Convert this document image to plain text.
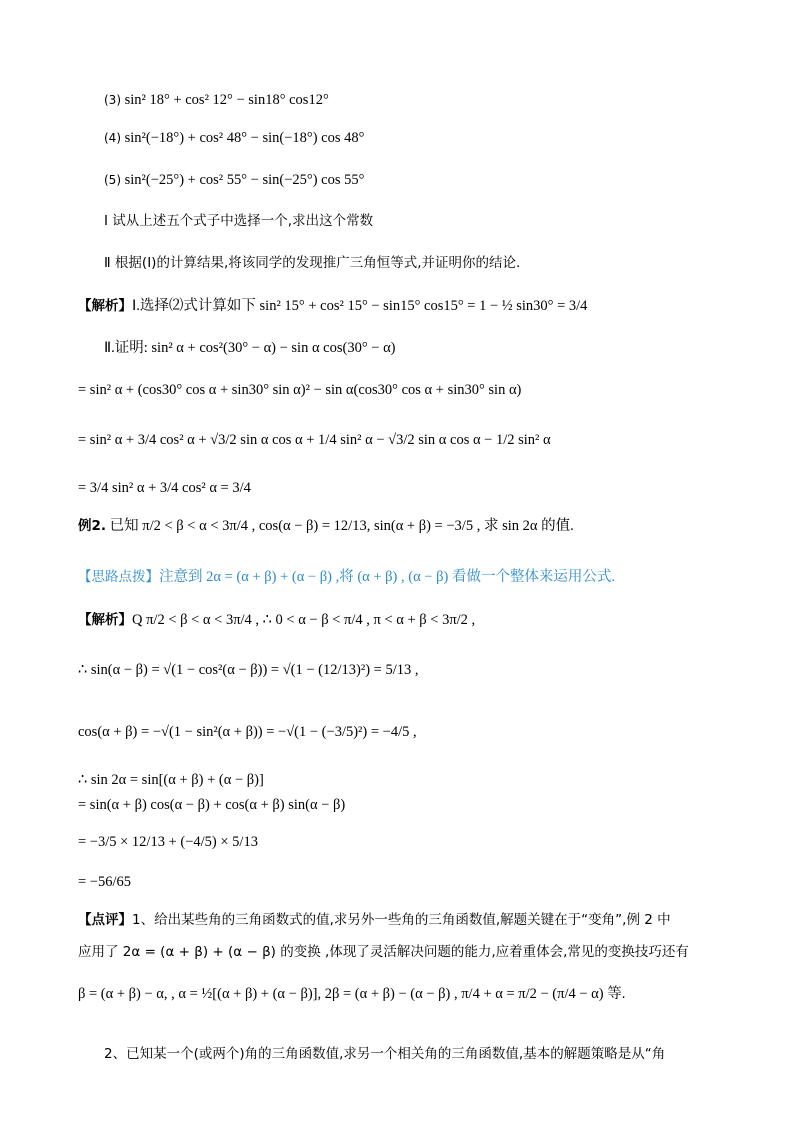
(3) sin² 18° + cos² 12° − sin18° cos12°
(4) sin²(−18°) + cos² 48° − sin(−18°) cos 48°
(5) sin²(−25°) + cos² 55° − sin(−25°) cos 55°
Ⅰ 试从上述五个式子中选择一个,求出这个常数
Ⅱ 根据(Ⅰ)的计算结果,将该同学的发现推广三角恒等式,并证明你的结论.
【解析】Ⅰ.选择⑵式计算如下 sin² 15° + cos² 15° − sin15° cos15° = 1 − ½ sin30° = 3/4
Ⅱ.证明: sin² α + cos²(30° − α) − sin α cos(30° − α)
= sin² α + (cos30° cos α + sin30° sin α)² − sin α(cos30° cos α + sin30° sin α)
= sin² α + 3/4 cos² α + √3/2 sin α cos α + 1/4 sin² α − √3/2 sin α cos α − 1/2 sin² α
= 3/4 sin² α + 3/4 cos² α = 3/4
例2. 已知 π/2 < β < α < 3π/4 , cos(α − β) = 12/13, sin(α + β) = −3/5 , 求 sin 2α 的值.
【思路点拨】注意到 2α = (α + β) + (α − β) ,将 (α + β) , (α − β) 看做一个整体来运用公式.
【解析】Q π/2 < β < α < 3π/4 , ∴ 0 < α − β < π/4 , π < α + β < 3π/2 ,
∴ sin(α − β) = √(1 − cos²(α − β)) = √(1 − (12/13)²) = 5/13 ,
cos(α + β) = −√(1 − sin²(α + β)) = −√(1 − (−3/5)²) = −4/5 ,
∴ sin 2α = sin[(α + β) + (α − β)]
= sin(α + β) cos(α − β) + cos(α + β) sin(α − β)
= −3/5 × 12/13 + (−4/5) × 5/13
= −56/65
【点评】1、给出某些角的三角函数式的值,求另外一些角的三角函数值,解题关键在于“变角”,例 2 中
应用了 2α = (α + β) + (α − β) 的变换 ,体现了灵活解决问题的能力,应着重体会,常见的变换技巧还有
β = (α + β) − α, , α = ½[(α + β) + (α − β)], 2β = (α + β) − (α − β) , π/4 + α = π/2 − (π/4 − α) 等.
2、已知某一个(或两个)角的三角函数值,求另一个相关角的三角函数值,基本的解题策略是从“角
